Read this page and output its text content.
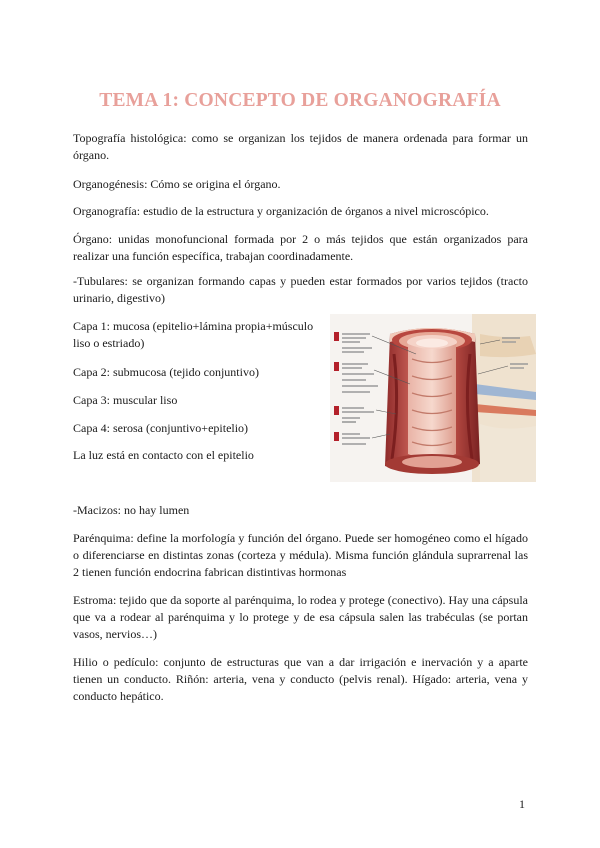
TEMA 1: CONCEPTO DE ORGANOGRAFÍA

Topografía histológica: como se organizan los tejidos de manera ordenada para formar un órgano.

Organogénesis: Cómo se origina el órgano.

Organografía: estudio de la estructura y organización de órganos a nivel microscópico.

Órgano: unidas monofuncional formada por 2 o más tejidos que están organizados para realizar una función específica, trabajan coordinadamente.

-Tubulares: se organizan formando capas y pueden estar formados por varios tejidos (tracto urinario, digestivo)

Capa 1: mucosa (epitelio+lámina propia+músculo liso o estriado)

Capa 2: submucosa (tejido conjuntivo)

Capa 3: muscular liso

Capa 4: serosa (conjuntivo+epitelio)

La luz está en contacto con el epitelio

-Macizos: no hay lumen

Parénquima: define la morfología y función del órgano. Puede ser homogéneo como el hígado o diferenciarse en distintas zonas (corteza y médula). Misma función glándula suprarrenal las 2 tienen función endocrina fabrican distintivas hormonas

Estroma: tejido que da soporte al parénquima, lo rodea y protege (conectivo). Hay una cápsula que va a rodear al parénquima y lo protege y de esa cápsula salen las trabéculas (se portan vasos, nervios…)

Hilio o pedículo: conjunto de estructuras que van a dar irrigación e inervación y a aparte tienen un conducto. Riñón: arteria, vena y conducto (pelvis renal). Hígado: arteria, vena y conducto hepático.

1
